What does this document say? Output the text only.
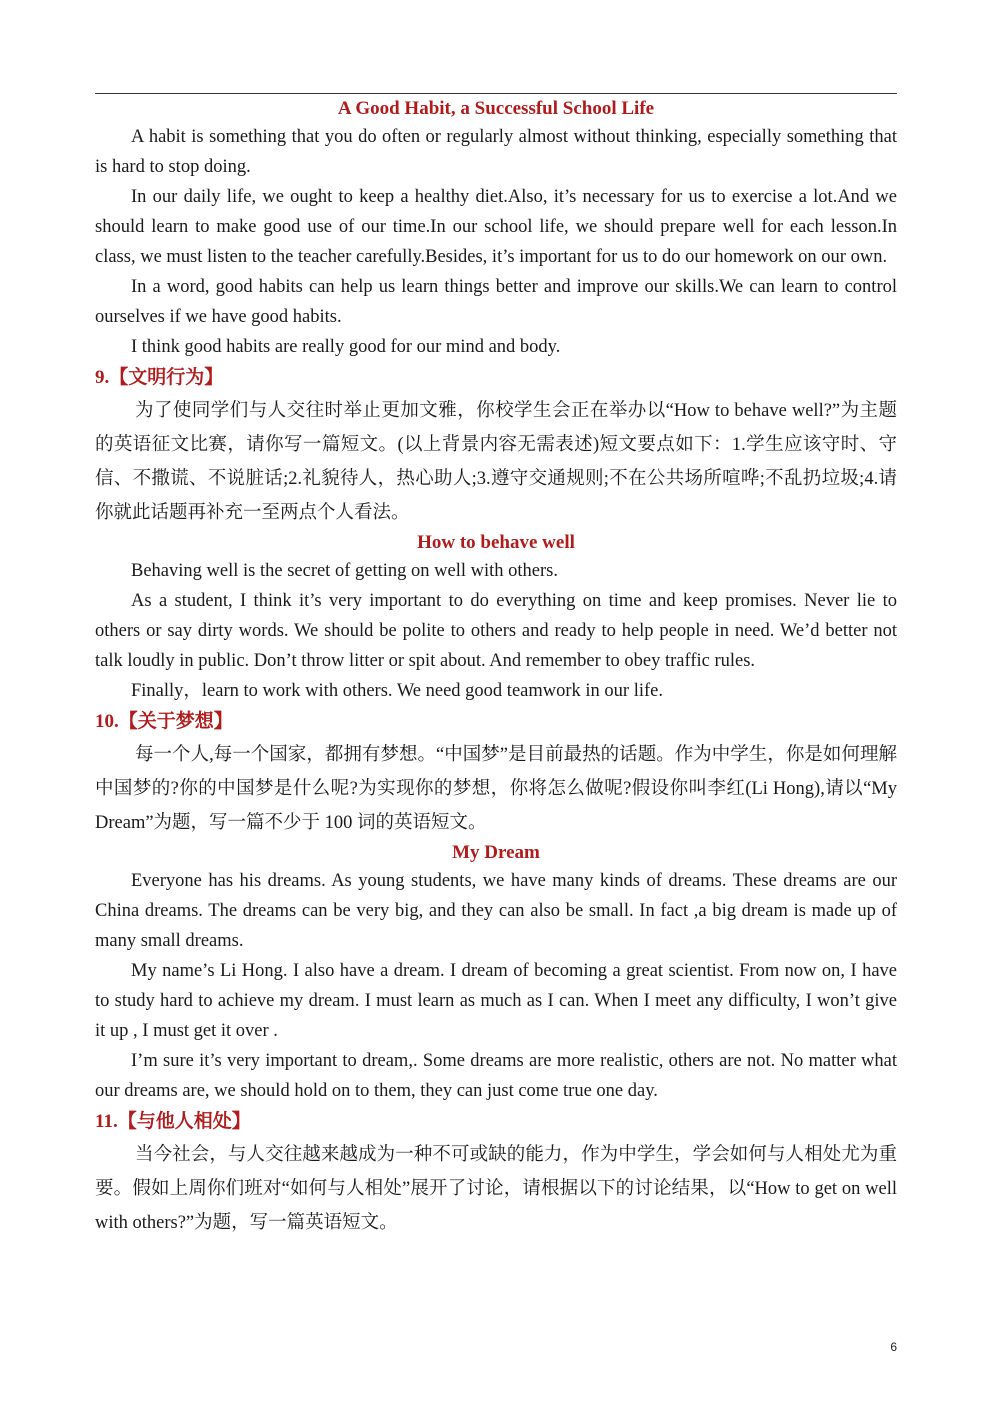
A Good Habit, a Successful School Life
A habit is something that you do often or regularly almost without thinking, especially something that is hard to stop doing.
In our daily life, we ought to keep a healthy diet.Also, it’s necessary for us to exercise a lot.And we should learn to make good use of our time.In our school life, we should prepare well for each lesson.In class, we must listen to the teacher carefully.Besides, it’s important for us to do our homework on our own.
In a word, good habits can help us learn things better and improve our skills.We can learn to control ourselves if we have good habits.
I think good habits are really good for our mind and body.
9.【文明行为】
为了使同学们与人交往时举止更加文雅，你校学生会正在举办以“How to behave well?”为主题的英语征文比赛，请你写一篇短文。(以上背景内容无需表述)短文要点如下：1.学生应该守时、守信、不撒谎、不说脏话;2.礼貌待人，热心助人;3.遵守交通规则;不在公共场所喧哗;不乱扔垃圾;4.请你就此话题再补充一至两点个人看法。
How to behave well
Behaving well is the secret of getting on well with others.
As a student, I think it’s very important to do everything on time and keep promises. Never lie to others or say dirty words. We should be polite to others and ready to help people in need. We’d better not talk loudly in public. Don’t throw litter or spit about. And remember to obey traffic rules.
Finally，learn to work with others. We need good teamwork in our life.
10.【关于梦想】
每一个人,每一个国家，都拥有梦想。“中国梦”是目前最热的话题。作为中学生，你是如何理解中国梦的?你的中国梦是什么呢?为实现你的梦想，你将怎么做呢?假设你叫李红(Li Hong),请以“My Dream”为题，写一篇不少于 100 词的英语短文。
My Dream
Everyone has his dreams. As young students, we have many kinds of dreams. These dreams are our China dreams. The dreams can be very big, and they can also be small. In fact ,a big dream is made up of many small dreams.
My name’s Li Hong. I also have a dream. I dream of becoming a great scientist. From now on, I have to study hard to achieve my dream. I must learn as much as I can. When I meet any difficulty, I won’t give it up , I must get it over .
I’m sure it’s very important to dream,. Some dreams are more realistic, others are not. No matter what our dreams are, we should hold on to them, they can just come true one day.
11.【与他人相处】
当今社会，与人交往越来越成为一种不可或缺的能力，作为中学生，学会如何与人相处尤为重要。假如上周你们班对“如何与人相处”展开了讨论，请根据以下的讨论结果，以“How to get on well with others?”为题，写一篇英语短文。
6
